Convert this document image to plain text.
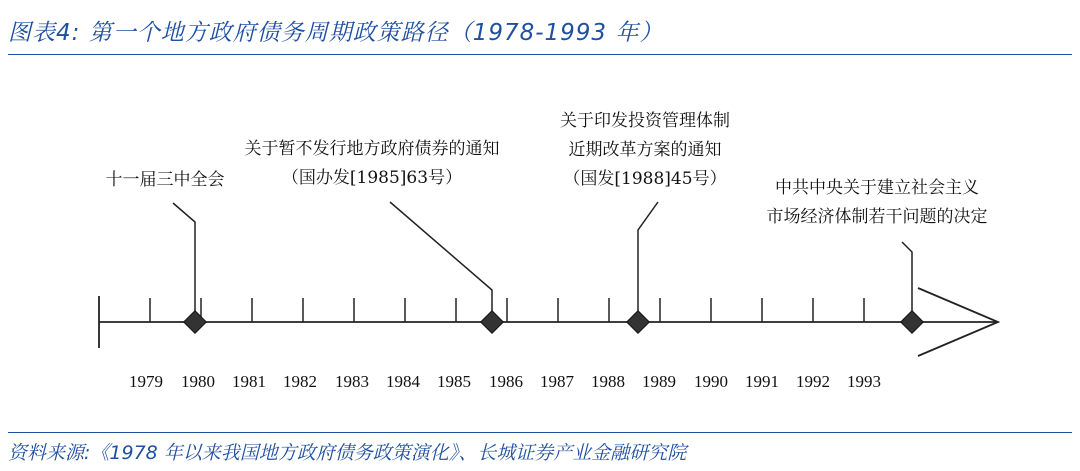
图表4: 第一个地方政府债务周期政策路径（1978-1993 年）
1979 1980 1981 1982 1983 1984 1985 1986 1987 1988 1989 1990 1991 1992 1993
十一届三中全会
关于暂不发行地方政府债券的通知
（国办发[1985]63号）
关于印发投资管理体制
近期改革方案的通知
（国发[1988]45号）	中共中央关于建立社会主义
市场经济体制若干问题的决定
资料来源:《1978 年以来我国地方政府债务政策演化》、长城证券产业金融研究院
